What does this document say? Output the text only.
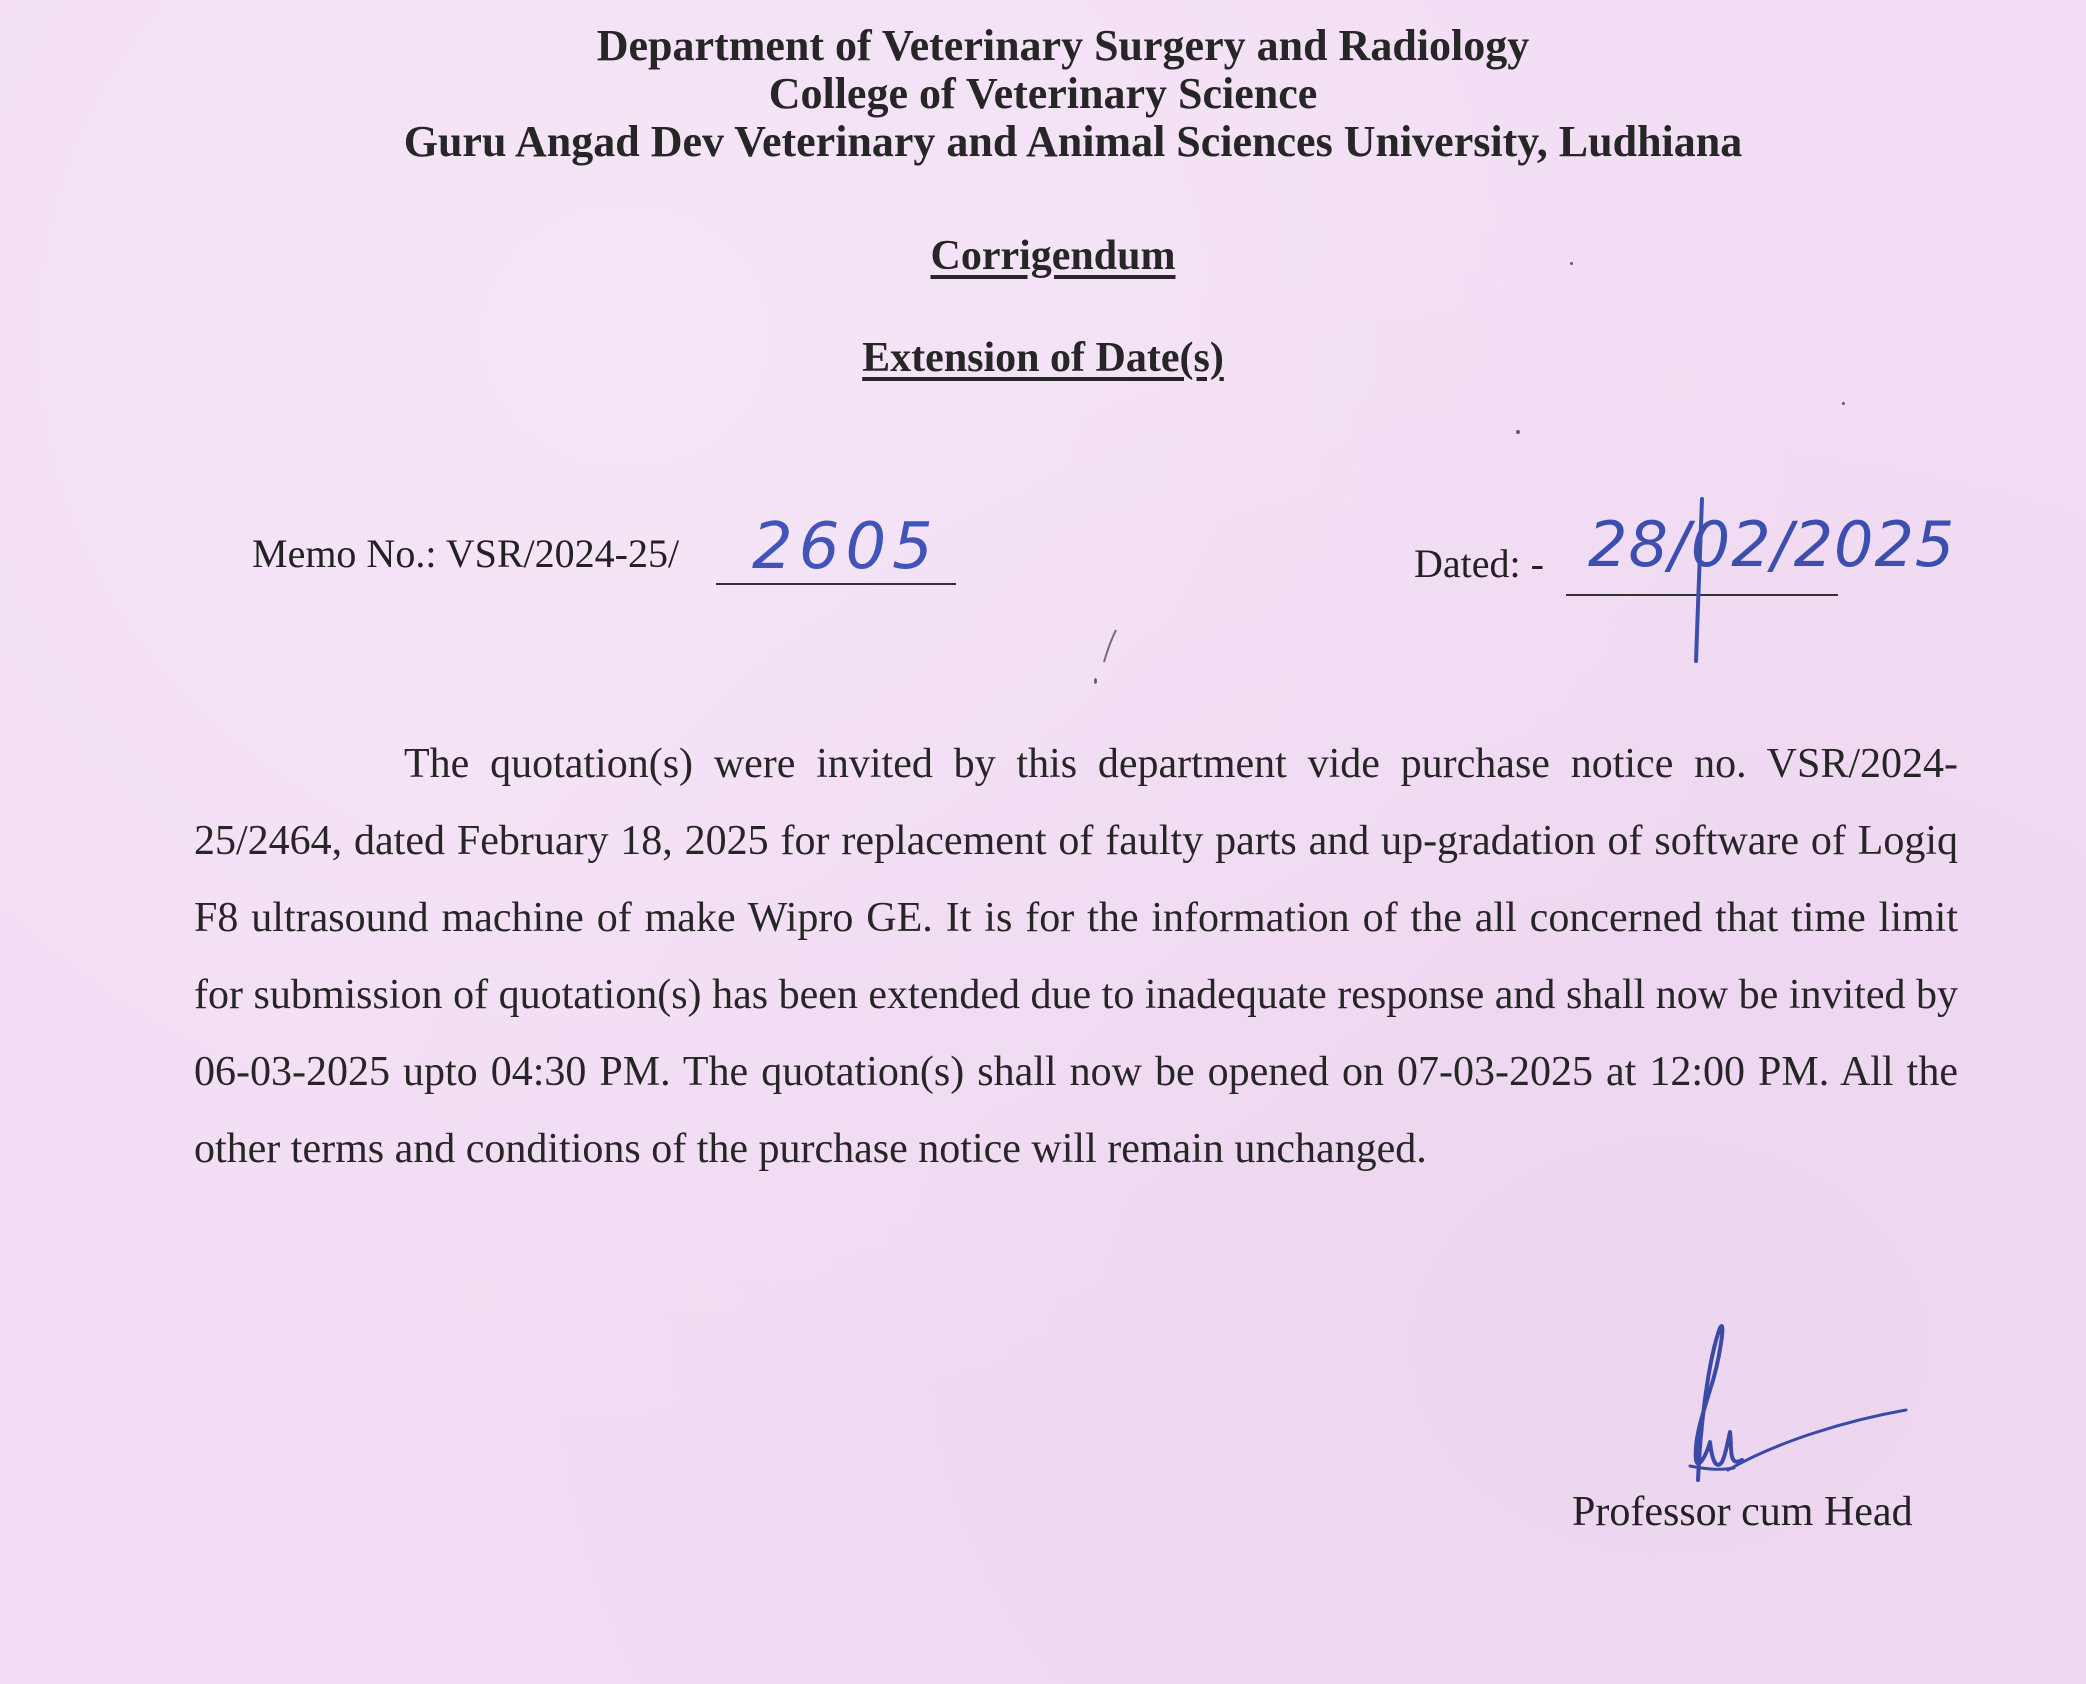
Department of Veterinary Surgery and Radiology
College of Veterinary Science
Guru Angad Dev Veterinary and Animal Sciences University, Ludhiana
Corrigendum
Extension of Date(s)
Memo No.: VSR/2024-25/ 2605	Dated: - 28/02/2025

The quotation(s) were invited by this department vide purchase notice no. VSR/2024-25/2464, dated February 18, 2025 for replacement of faulty parts and up-gradation of software of Logiq F8 ultrasound machine of make Wipro GE. It is for the information of the all concerned that time limit for submission of quotation(s) has been extended due to inadequate response and shall now be invited by 06-03-2025 upto 04:30 PM. The quotation(s) shall now be opened on 07-03-2025 at 12:00 PM. All the other terms and conditions of the purchase notice will remain unchanged.

Professor cum Head
